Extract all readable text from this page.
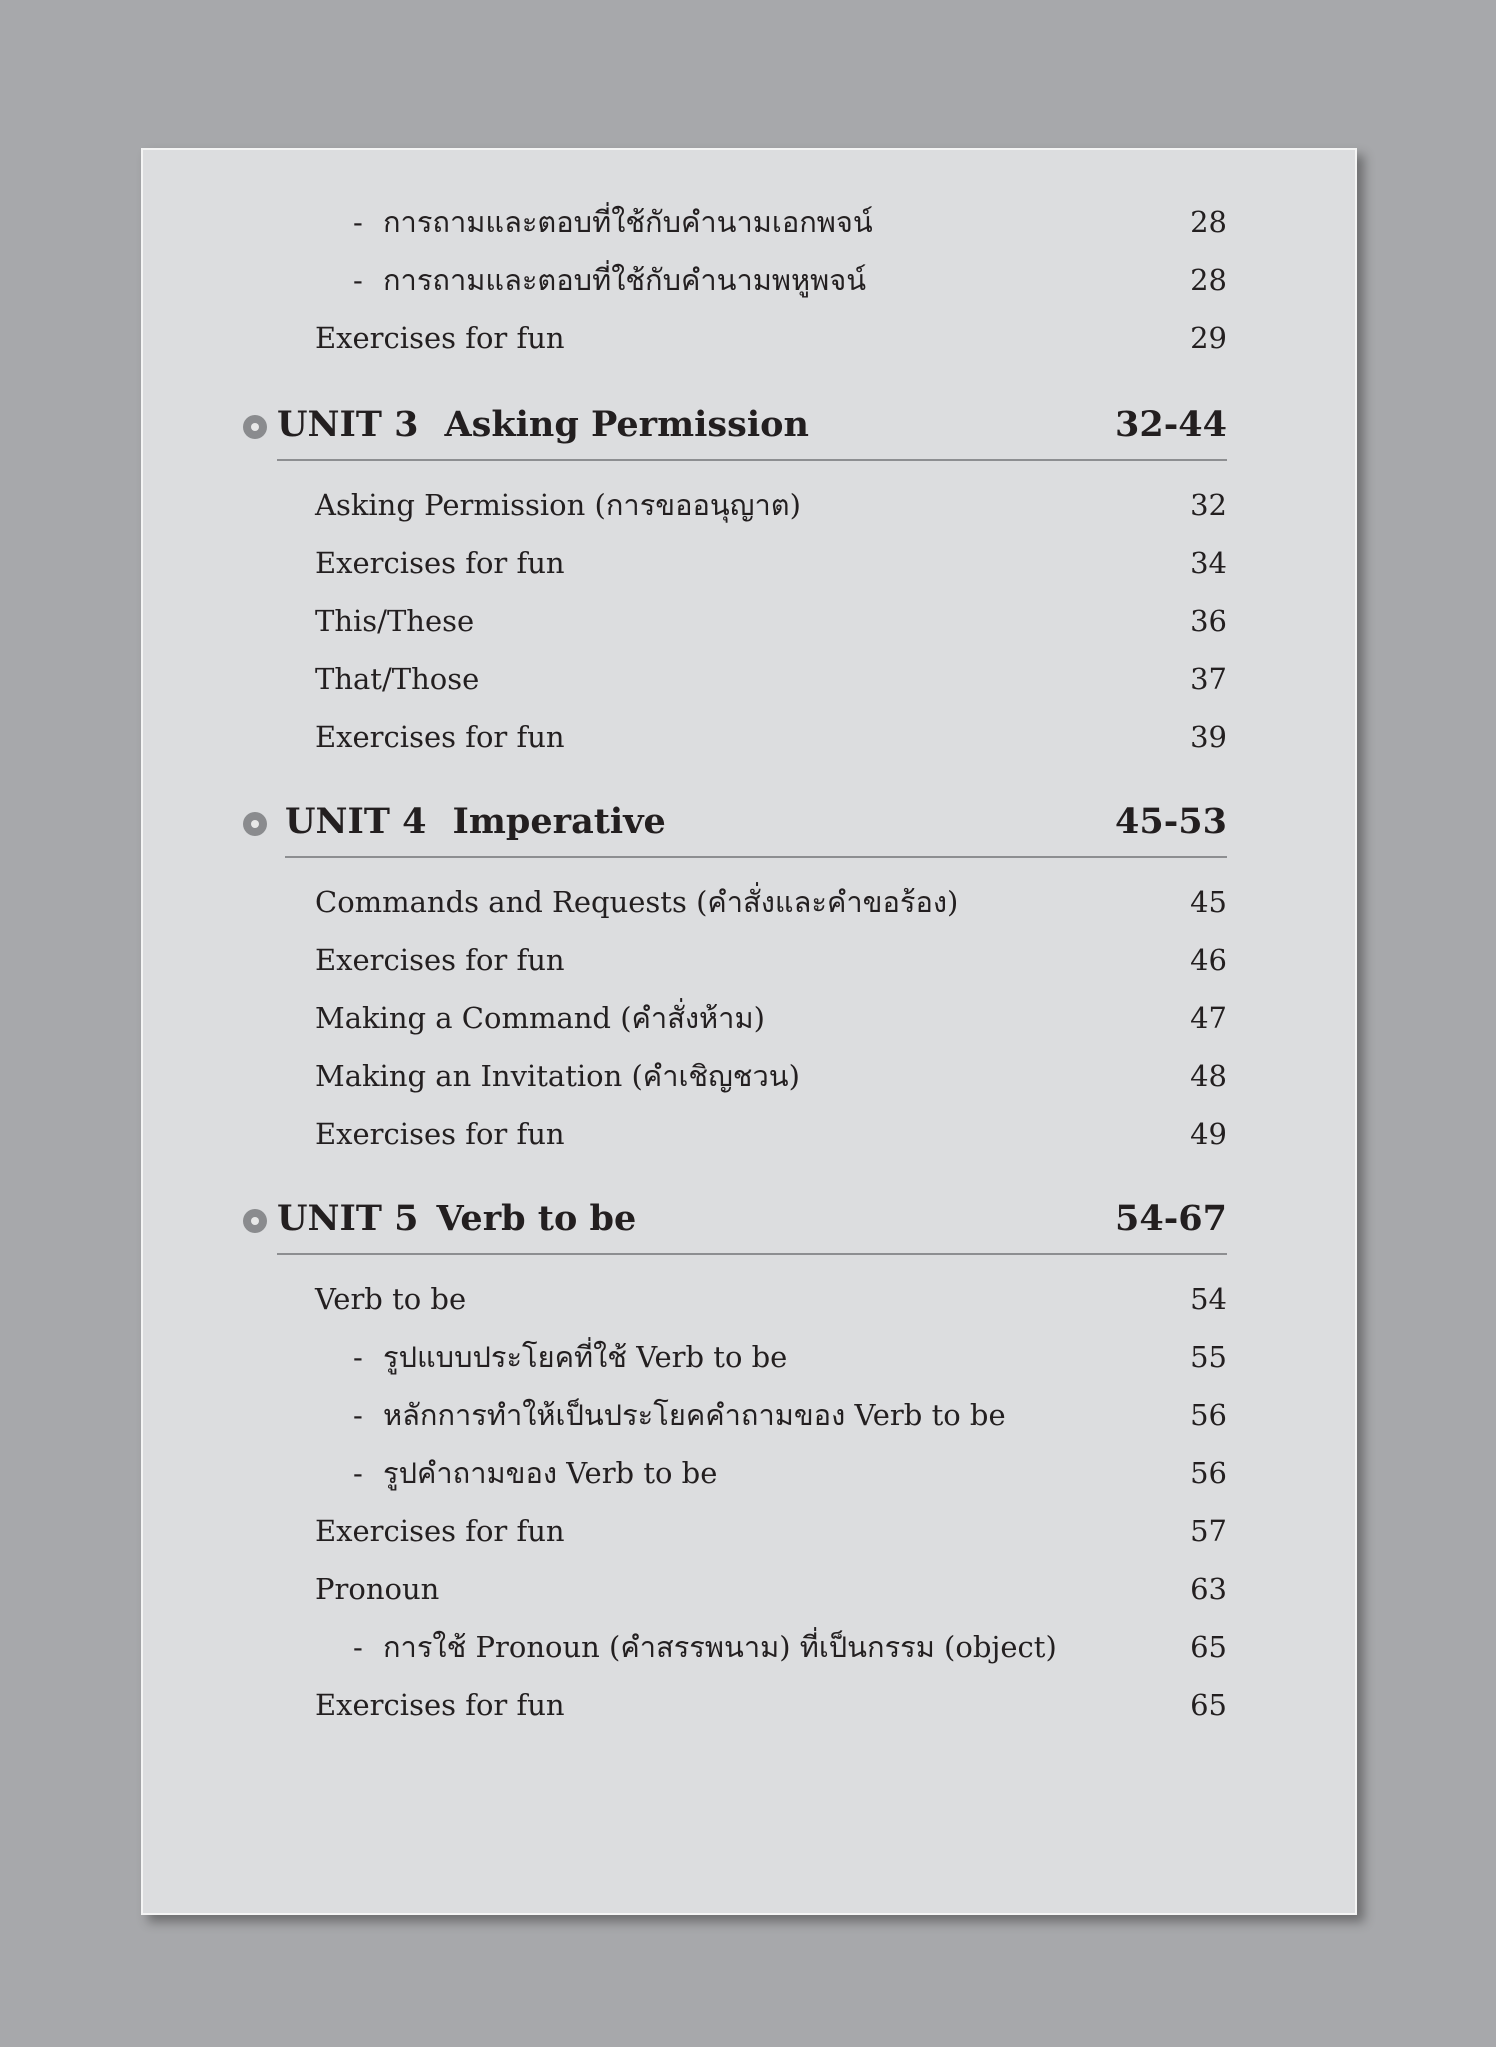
- การถามและตอบที่ใช้กับคำนามเอกพจน์	28
- การถามและตอบที่ใช้กับคำนามพหูพจน์	28
Exercises for fun	29
UNIT 3 Asking Permission	32-44
Asking Permission (การขออนุญาต)	32
Exercises for fun	34
This/These	36
That/Those	37
Exercises for fun	39
UNIT 4 Imperative	45-53
Commands and Requests (คำสั่งและคำขอร้อง)	45
Exercises for fun	46
Making a Command (คำสั่งห้าม)	47
Making an Invitation (คำเชิญชวน)	48
Exercises for fun	49
UNIT 5 Verb to be	54-67
Verb to be	54
- รูปแบบประโยคที่ใช้ Verb to be	55
- หลักการทำให้เป็นประโยคคำถามของ Verb to be	56
- รูปคำถามของ Verb to be	56
Exercises for fun	57
Pronoun	63
- การใช้ Pronoun (คำสรรพนาม) ที่เป็นกรรม (object)	65
Exercises for fun	65
